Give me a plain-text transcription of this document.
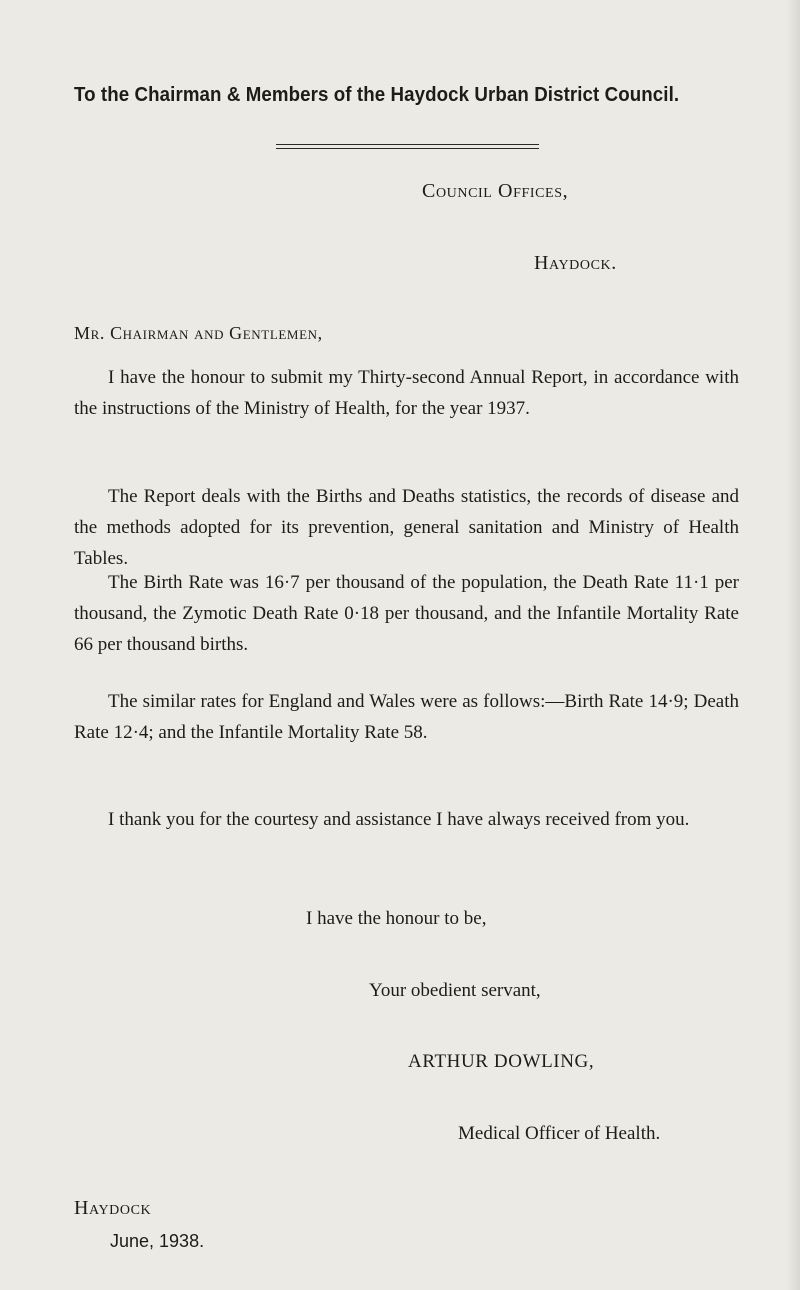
To the Chairman & Members of the Haydock Urban District Council.
Council Offices,
Haydock.
Mr. Chairman and Gentlemen,
I have the honour to submit my Thirty-second Annual Report, in accordance with the instructions of the Ministry of Health, for the year 1937.
The Report deals with the Births and Deaths statistics, the records of disease and the methods adopted for its prevention, general sanitation and Ministry of Health Tables.
The Birth Rate was 16·7 per thousand of the population, the Death Rate 11·1 per thousand, the Zymotic Death Rate 0·18 per thousand, and the Infantile Mortality Rate 66 per thousand births.
The similar rates for England and Wales were as follows:—Birth Rate 14·9; Death Rate 12·4; and the Infantile Mortality Rate 58.
I thank you for the courtesy and assistance I have always received from you.
I have the honour to be,
Your obedient servant,
ARTHUR DOWLING,
Medical Officer of Health.
Haydock
June, 1938.
